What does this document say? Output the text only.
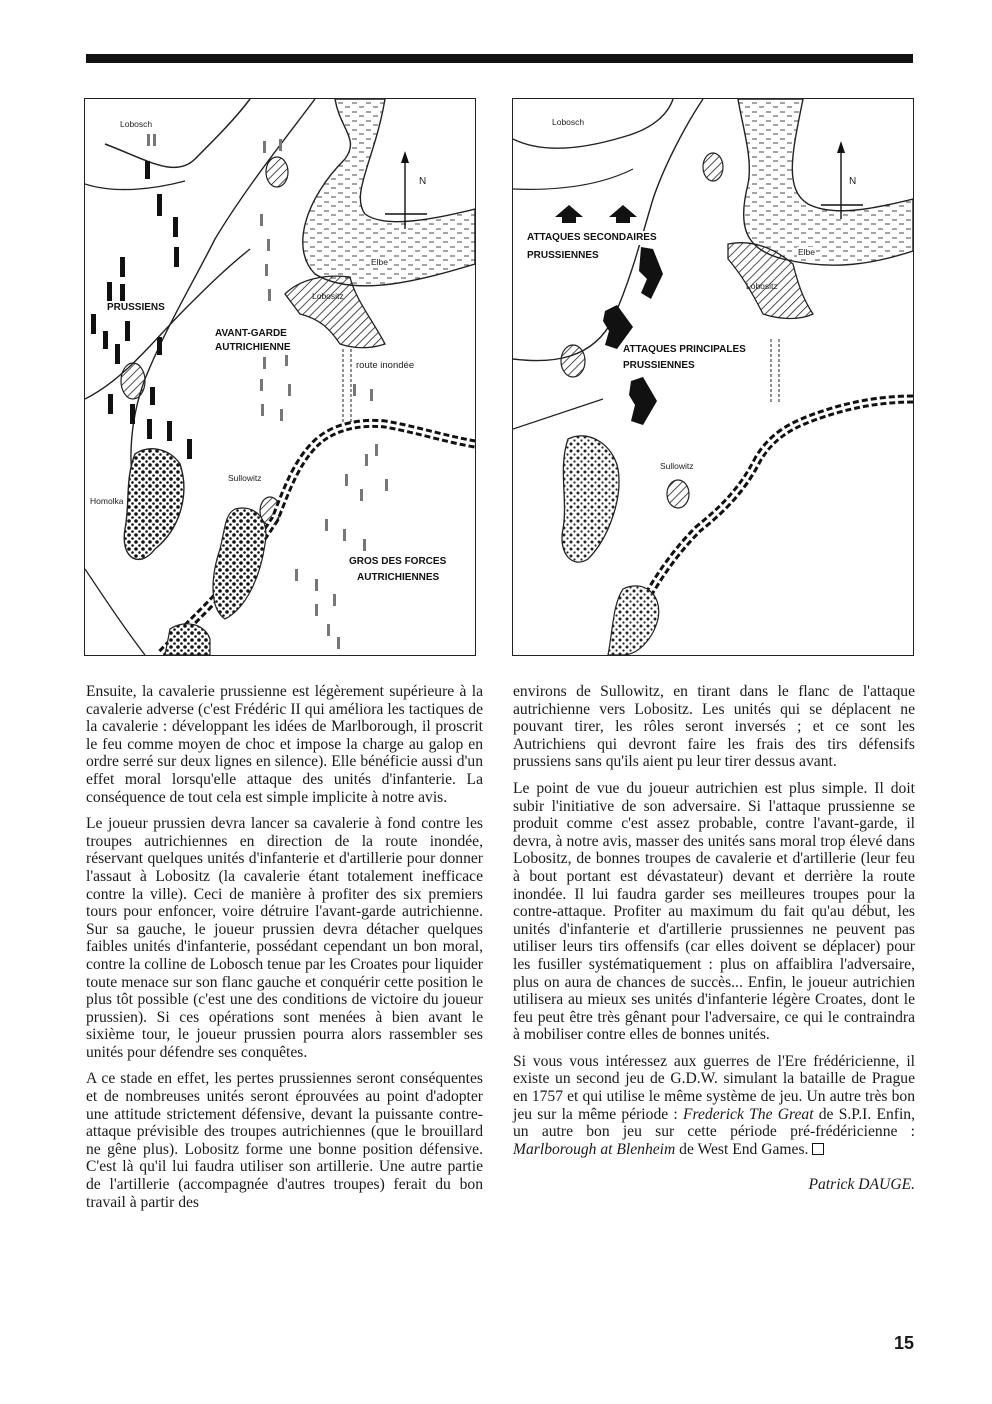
Lobosch
N
Elbe
PRUSSIENS
Lobositz
AVANT-GARDE
AUTRICHIENNE
route inondée
Sullowitz
Homolka
GROS DES FORCES
AUTRICHIENNES
Lobosch
N
ATTAQUES SECONDAIRES
PRUSSIENNES	Elbe
Lobositz
ATTAQUES PRINCIPALES
PRUSSIENNES
Sullowitz

Ensuite, la cavalerie prussienne est légèrement supérieure à la cavalerie adverse (c'est Frédéric II qui améliora les tactiques de la cavalerie : développant les idées de Marlborough, il proscrit le feu comme moyen de choc et impose la charge au galop en ordre serré sur deux lignes en silence). Elle bénéficie aussi d'un effet moral lorsqu'elle attaque des unités d'infanterie. La conséquence de tout cela est simple implicite à notre avis.

Le joueur prussien devra lancer sa cavalerie à fond contre les troupes autrichiennes en direction de la route inondée, réservant quelques unités d'infanterie et d'artillerie pour donner l'assaut à Lobositz (la cavalerie étant totalement inefficace contre la ville). Ceci de manière à profiter des six premiers tours pour enfoncer, voire détruire l'avant-garde autrichienne. Sur sa gauche, le joueur prussien devra détacher quelques faibles unités d'infanterie, possédant cependant un bon moral, contre la colline de Lobosch tenue par les Croates pour liquider toute menace sur son flanc gauche et conquérir cette position le plus tôt possible (c'est une des conditions de victoire du joueur prussien). Si ces opérations sont menées à bien avant le sixième tour, le joueur prussien pourra alors rassembler ses unités pour défendre ses conquêtes.

A ce stade en effet, les pertes prussiennes seront conséquentes et de nombreuses unités seront éprouvées au point d'adopter une attitude strictement défensive, devant la puissante contre-attaque prévisible des troupes autrichiennes (que le brouillard ne gêne plus). Lobositz forme une bonne position défensive. C'est là qu'il lui faudra utiliser son artillerie. Une autre partie de l'artillerie (accompagnée d'autres troupes) ferait du bon travail à partir des

environs de Sullowitz, en tirant dans le flanc de l'attaque autrichienne vers Lobositz. Les unités qui se déplacent ne pouvant tirer, les rôles seront inversés ; et ce sont les Autrichiens qui devront faire les frais des tirs défensifs prussiens sans qu'ils aient pu leur tirer dessus avant.

Le point de vue du joueur autrichien est plus simple. Il doit subir l'initiative de son adversaire. Si l'attaque prussienne se produit comme c'est assez probable, contre l'avant-garde, il devra, à notre avis, masser des unités sans moral trop élevé dans Lobositz, de bonnes troupes de cavalerie et d'artillerie (leur feu à bout portant est dévastateur) devant et derrière la route inondée. Il lui faudra garder ses meilleures troupes pour la contre-attaque. Profiter au maximum du fait qu'au début, les unités d'infanterie et d'artillerie prussiennes ne peuvent pas utiliser leurs tirs offensifs (car elles doivent se déplacer) pour les fusiller systématiquement : plus on affaiblira l'adversaire, plus on aura de chances de succès... Enfin, le joueur autrichien utilisera au mieux ses unités d'infanterie légère Croates, dont le feu peut être très gênant pour l'adversaire, ce qui le contraindra à mobiliser contre elles de bonnes unités.

Si vous vous intéressez aux guerres de l'Ere frédéricienne, il existe un second jeu de G.D.W. simulant la bataille de Prague en 1757 et qui utilise le même système de jeu. Un autre très bon jeu sur la même période : Frederick The Great de S.P.I. Enfin, un autre bon jeu sur cette période pré-frédéricienne : Marlborough at Blenheim de West End Games.

Patrick DAUGE.

15
